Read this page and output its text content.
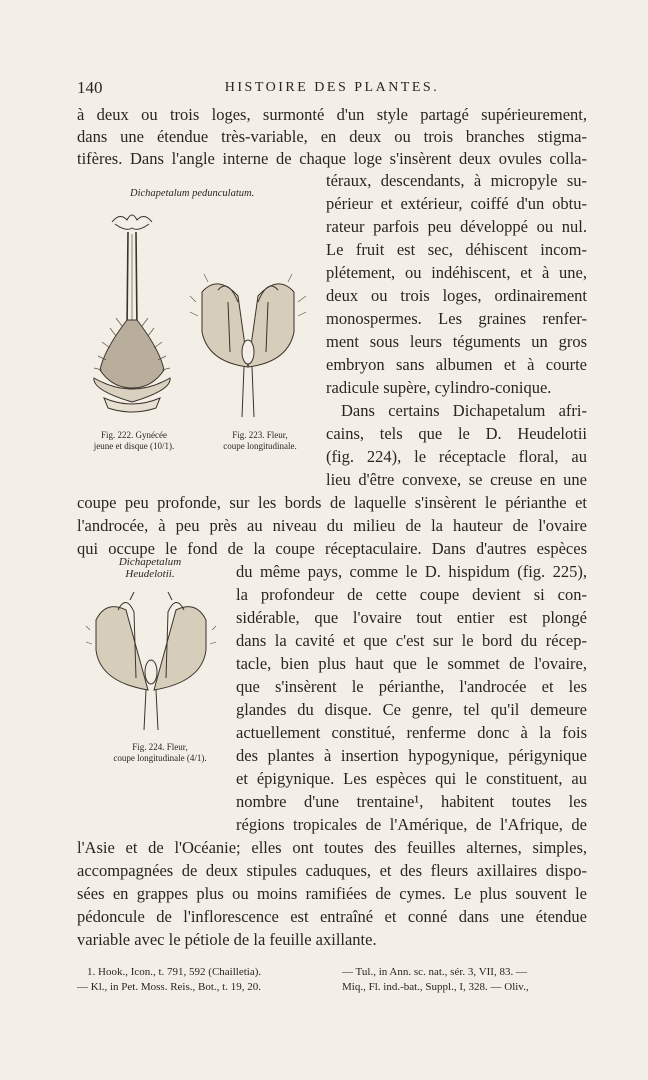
140	HISTOIRE DES PLANTES.
à deux ou trois loges, surmonté d'un style partagé supérieurement,
dans une étendue très-variable, en deux ou trois branches stigma-
tifères. Dans l'angle interne de chaque loge s'insèrent deux ovules colla-
téraux, descendants, à micropyle su-
périeur et extérieur, coiffé d'un obtu-
rateur parfois peu développé ou nul.
Le fruit est sec, déhiscent incom-
plétement, ou indéhiscent, et à une,
deux ou trois loges, ordinairement
monospermes. Les graines renfer-
ment sous leurs téguments un gros
embryon sans albumen et à courte
radicule supère, cylindro-conique.
Dans certains Dichapetalum afri-
cains, tels que le D. Heudelotii
(fig. 224), le réceptacle floral, au
lieu d'être convexe, se creuse en une
coupe peu profonde, sur les bords de laquelle s'insèrent le périanthe et
l'androcée, à peu près au niveau du milieu de la hauteur de l'ovaire
qui occupe le fond de la coupe réceptaculaire. Dans d'autres espèces
du même pays, comme le D. hispidum (fig. 225),
la profondeur de cette coupe devient si con-
sidérable, que l'ovaire tout entier est plongé
dans la cavité et que c'est sur le bord du récep-
tacle, bien plus haut que le sommet de l'ovaire,
que s'insèrent le périanthe, l'androcée et les
glandes du disque. Ce genre, tel qu'il demeure
actuellement constitué, renferme donc à la fois
des plantes à insertion hypogynique, périgynique
et épigynique. Les espèces qui le constituent, au
nombre d'une trentaine¹, habitent toutes les
régions tropicales de l'Amérique, de l'Afrique, de
l'Asie et de l'Océanie; elles ont toutes des feuilles alternes, simples,
accompagnées de deux stipules caduques, et des fleurs axillaires dispo-
sées en grappes plus ou moins ramifiées de cymes. Le plus souvent le
pédoncule de l'inflorescence est entraîné et conné dans une étendue
variable avec le pétiole de la feuille axillante.
Dichapetalum pedunculatum.
Fig. 222. Gynécée
jeune et disque (10/1).
Fig. 223. Fleur,
coupe longitudinale.
Dichapetalum
Heudelotii.
Fig. 224. Fleur,
coupe longitudinale (4/1).
1. Hook., Icon., t. 791, 592 (Chailletia).
— Kl., in Pet. Moss. Reis., Bot., t. 19, 20.
— Tul., in Ann. sc. nat., sér. 3, VII, 83. —
Miq., Fl. ind.-bat., Suppl., I, 328. — Oliv.,
